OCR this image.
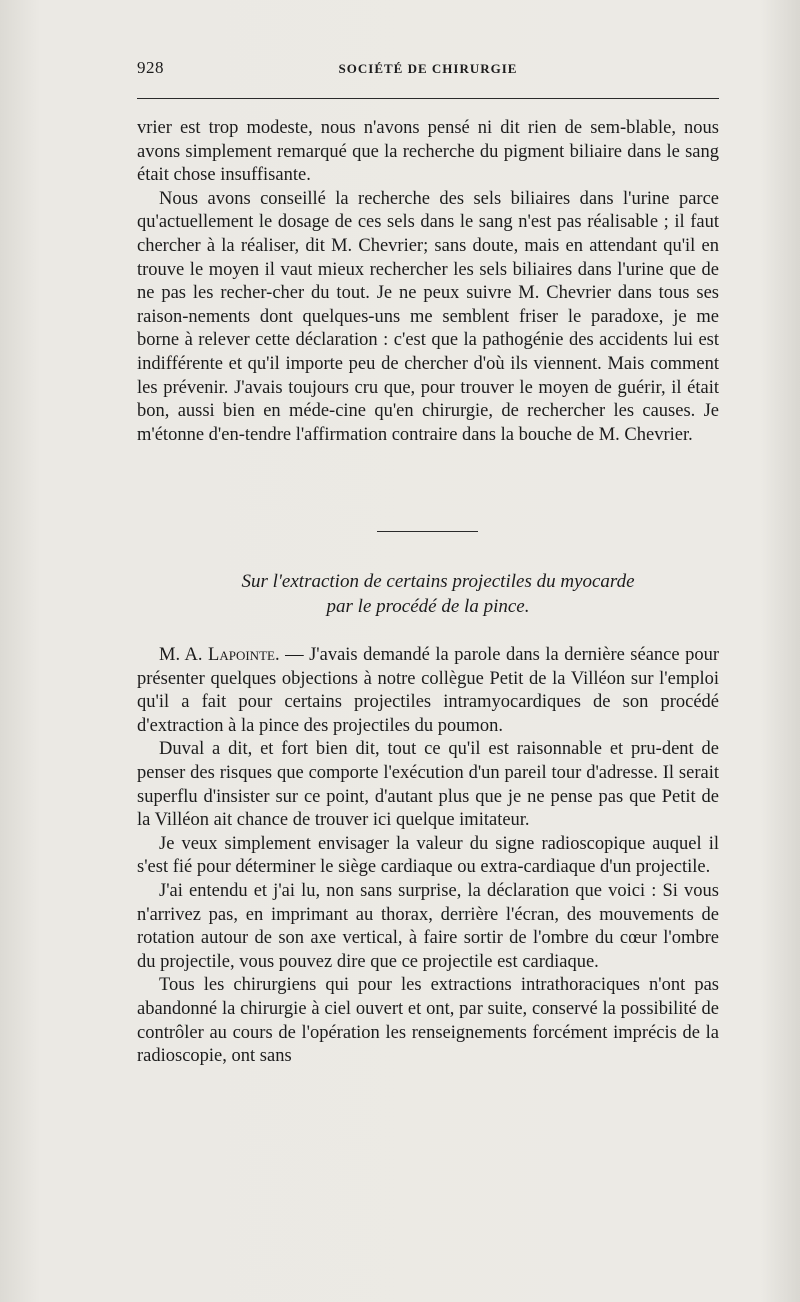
928	SOCIÉTÉ DE CHIRURGIE

vrier est trop modeste, nous n'avons pensé ni dit rien de sem-blable, nous avons simplement remarqué que la recherche du pigment biliaire dans le sang était chose insuffisante.

Nous avons conseillé la recherche des sels biliaires dans l'urine parce qu'actuellement le dosage de ces sels dans le sang n'est pas réalisable ; il faut chercher à la réaliser, dit M. Chevrier; sans doute, mais en attendant qu'il en trouve le moyen il vaut mieux rechercher les sels biliaires dans l'urine que de ne pas les recher-cher du tout. Je ne peux suivre M. Chevrier dans tous ses raison-nements dont quelques-uns me semblent friser le paradoxe, je me borne à relever cette déclaration : c'est que la pathogénie des accidents lui est indifférente et qu'il importe peu de chercher d'où ils viennent. Mais comment les prévenir. J'avais toujours cru que, pour trouver le moyen de guérir, il était bon, aussi bien en méde-cine qu'en chirurgie, de rechercher les causes. Je m'étonne d'en-tendre l'affirmation contraire dans la bouche de M. Chevrier.

Sur l'extraction de certains projectiles du myocarde
par le procédé de la pince.

M. A. Lapointe. — J'avais demandé la parole dans la dernière séance pour présenter quelques objections à notre collègue Petit de la Villéon sur l'emploi qu'il a fait pour certains projectiles intramyocardiques de son procédé d'extraction à la pince des projectiles du poumon.

Duval a dit, et fort bien dit, tout ce qu'il est raisonnable et pru-dent de penser des risques que comporte l'exécution d'un pareil tour d'adresse. Il serait superflu d'insister sur ce point, d'autant plus que je ne pense pas que Petit de la Villéon ait chance de trouver ici quelque imitateur.

Je veux simplement envisager la valeur du signe radioscopique auquel il s'est fié pour déterminer le siège cardiaque ou extra-cardiaque d'un projectile.

J'ai entendu et j'ai lu, non sans surprise, la déclaration que voici : Si vous n'arrivez pas, en imprimant au thorax, derrière l'écran, des mouvements de rotation autour de son axe vertical, à faire sortir de l'ombre du cœur l'ombre du projectile, vous pouvez dire que ce projectile est cardiaque.

Tous les chirurgiens qui pour les extractions intrathoraciques n'ont pas abandonné la chirurgie à ciel ouvert et ont, par suite, conservé la possibilité de contrôler au cours de l'opération les renseignements forcément imprécis de la radioscopie, ont sans
